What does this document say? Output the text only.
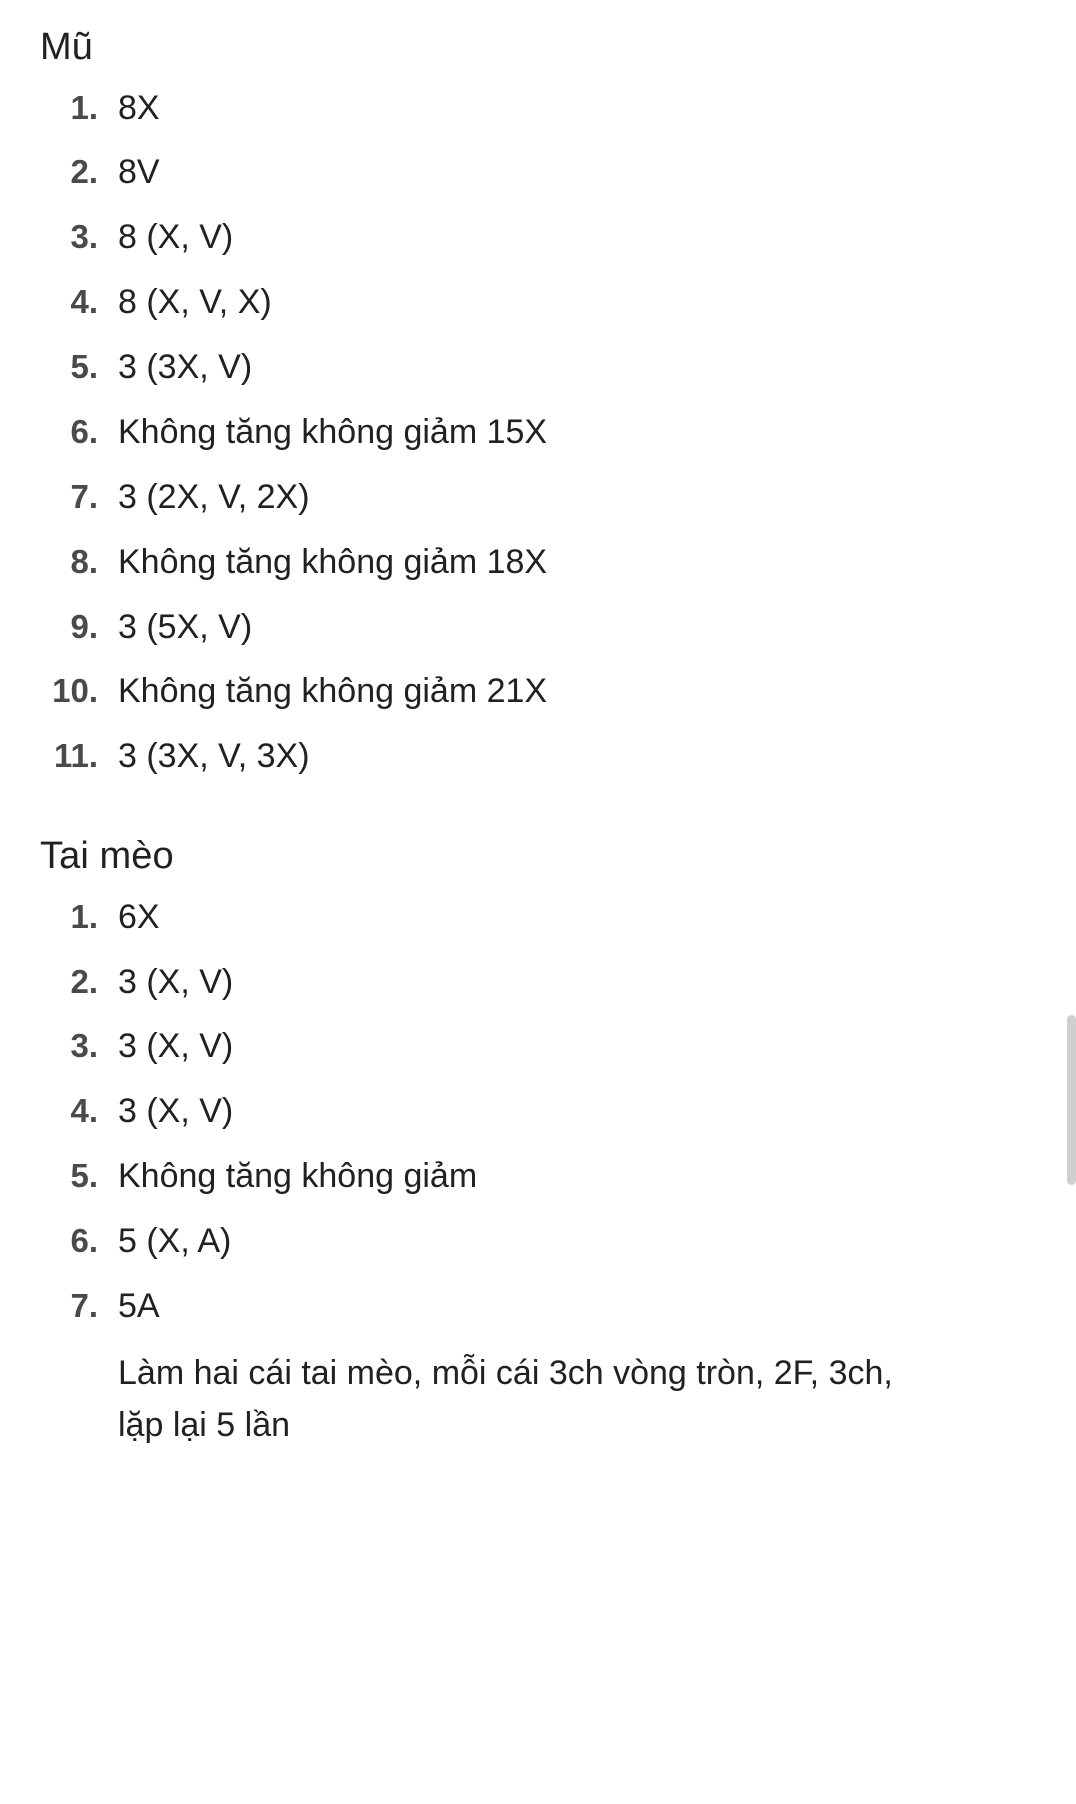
Mũ
1. 8X
2. 8V
3. 8 (X, V)
4. 8 (X, V, X)
5. 3 (3X, V)
6. Không tăng không giảm 15X
7. 3 (2X, V, 2X)
8. Không tăng không giảm 18X
9. 3 (5X, V)
10. Không tăng không giảm 21X
11. 3 (3X, V, 3X)
Tai mèo
1. 6X
2. 3 (X, V)
3. 3 (X, V)
4. 3 (X, V)
5. Không tăng không giảm
6. 5 (X, A)
7. 5A
Làm hai cái tai mèo, mỗi cái 3ch vòng tròn, 2F, 3ch, lặp lại 5 lần
